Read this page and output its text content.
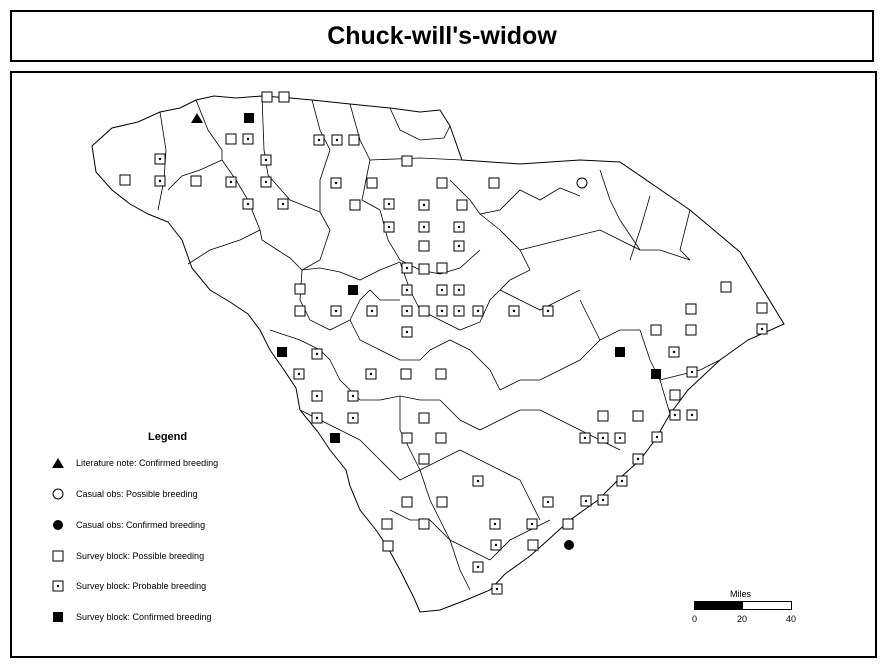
Chuck-will's-widow
Legend
Literature note: Confirmed breeding
Casual obs: Possible breeding
Casual obs: Confirmed breeding
Survey block: Possible breeding
Survey block: Probable breeding
Survey block: Confirmed breeding
Miles
0	20	40
